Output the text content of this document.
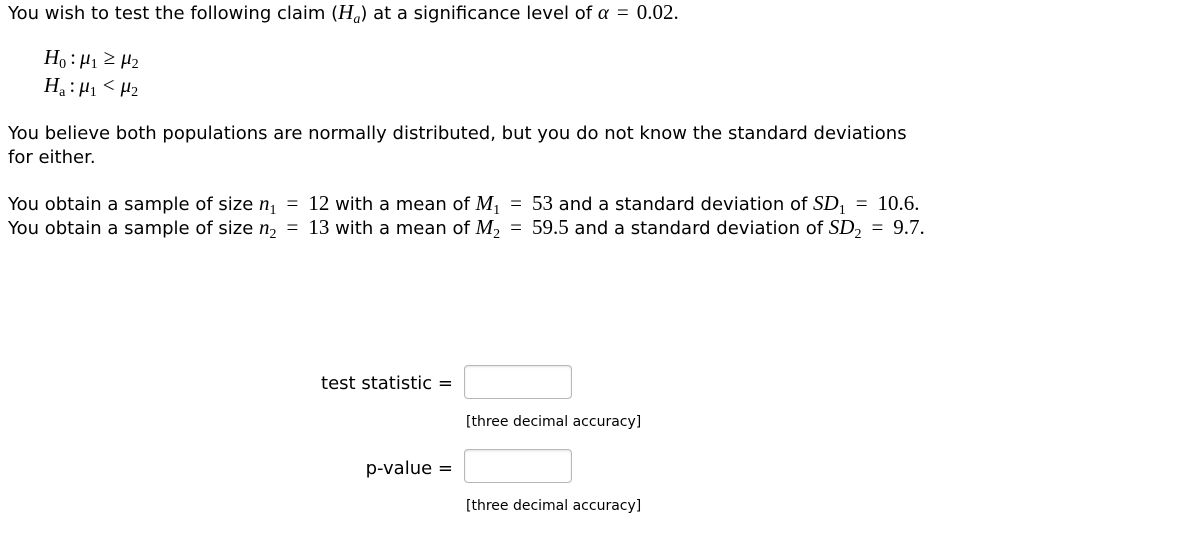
You wish to test the following claim $(H_a)$ at a significance level of α = 0.02.
$H_0$ : $\mu_1 \ge \mu_2$
$H_a$ : $\mu_1 < \mu_2$
You believe both populations are normally distributed, but you do not know the standard deviations for either.
You obtain a sample of size $n_1 = 12$ with a mean of $M_1 = 53$ and a standard deviation of $SD_1 = 10.6$.
You obtain a sample of size $n_2 = 13$ with a mean of $M_2 = 59.5$ and a standard deviation of $SD_2 = 9.7$.
test statistic =
[three decimal accuracy]
p-value =
[three decimal accuracy]
